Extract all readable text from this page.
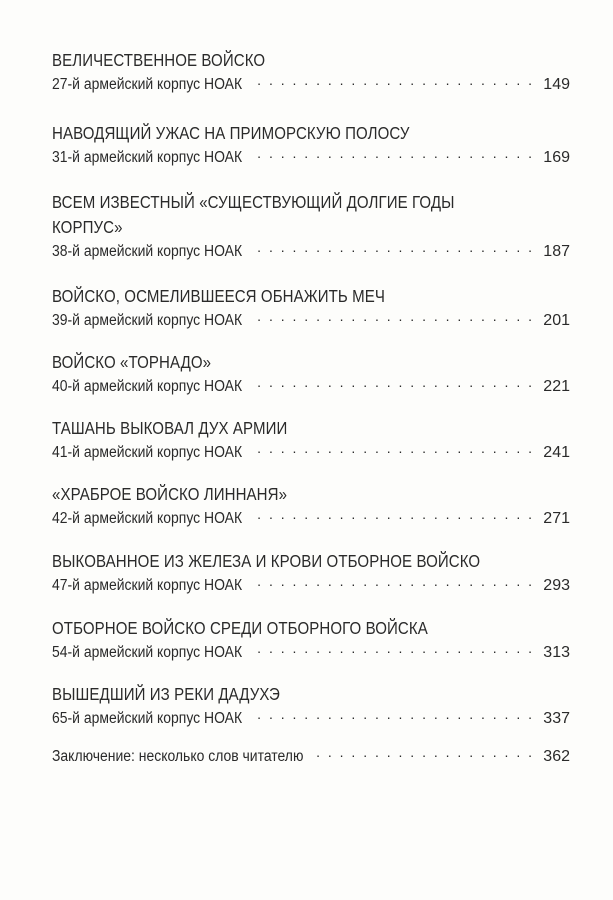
ВЕЛИЧЕСТВЕННОЕ ВОЙСКО
27-й армейский корпус НОАК . . .	149
НАВОДЯЩИЙ УЖАС НА ПРИМОРСКУЮ ПОЛОСУ
31-й армейский корпус НОАК . . .	169
ВСЕМ ИЗВЕСТНЫЙ «СУЩЕСТВУЮЩИЙ ДОЛГИЕ ГОДЫ
КОРПУС»
38-й армейский корпус НОАК . . .	187
ВОЙСКО, ОСМЕЛИВШЕЕСЯ ОБНАЖИТЬ МЕЧ
39-й армейский корпус НОАК . . .	201
ВОЙСКО «ТОРНАДО»
40-й армейский корпус НОАК . . .	221
ТАШАНЬ ВЫКОВАЛ ДУХ АРМИИ
41-й армейский корпус НОАК . . .	241
«ХРАБРОЕ ВОЙСКО ЛИННАНЯ»
42-й армейский корпус НОАК . . .	271
ВЫКОВАННОЕ ИЗ ЖЕЛЕЗА И КРОВИ ОТБОРНОЕ ВОЙСКО
47-й армейский корпус НОАК . . .	293
ОТБОРНОЕ ВОЙСКО СРЕДИ ОТБОРНОГО ВОЙСКА
54-й армейский корпус НОАК . . .	313
ВЫШЕДШИЙ ИЗ РЕКИ ДАДУХЭ
65-й армейский корпус НОАК . . .	337
Заключение: несколько слов читателю . . .	362
